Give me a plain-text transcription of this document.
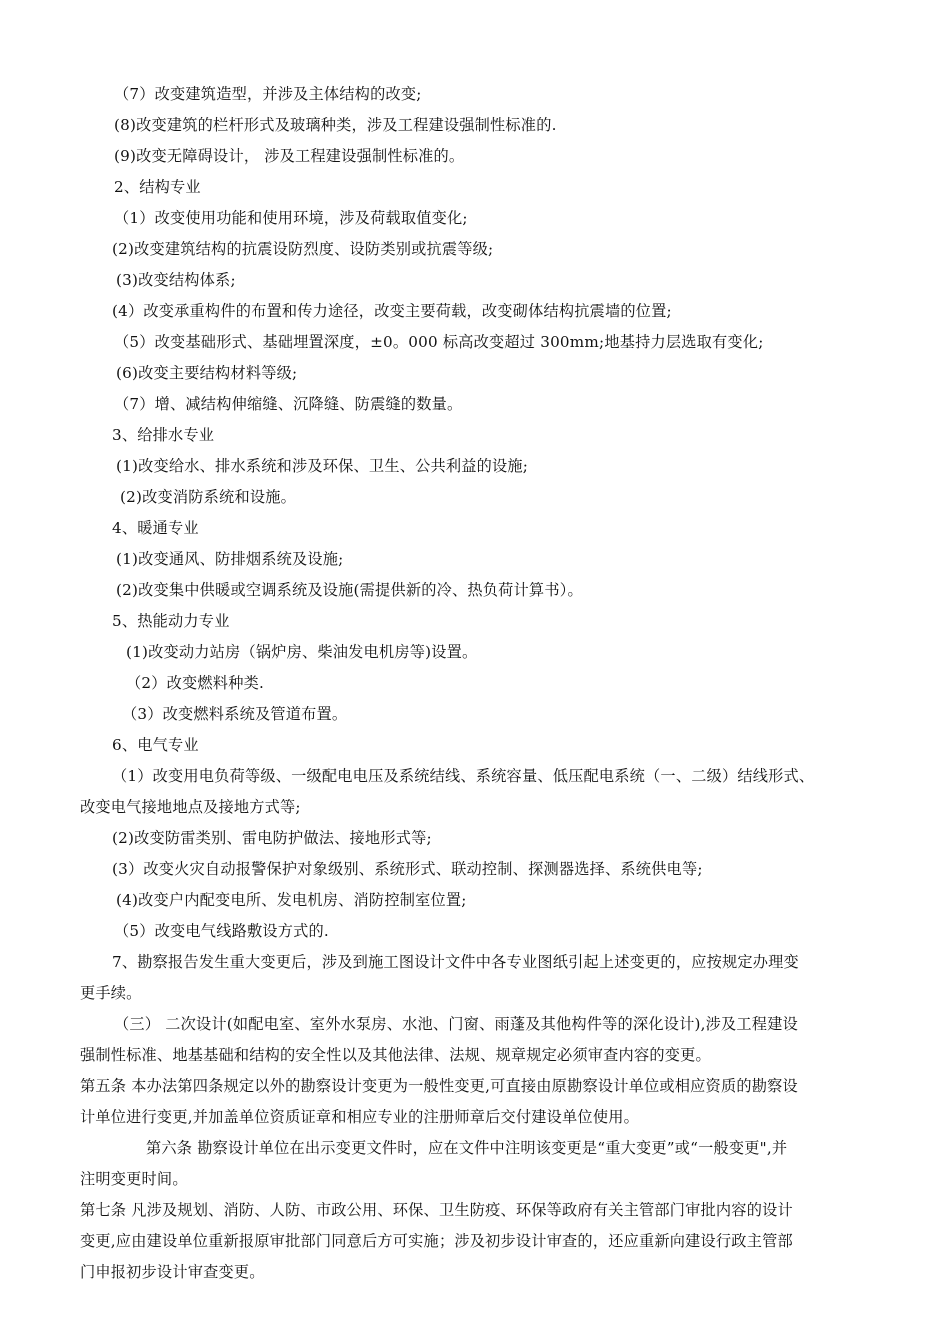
（7）改变建筑造型，并涉及主体结构的改变;
(8)改变建筑的栏杆形式及玻璃种类，涉及工程建设强制性标准的.
(9)改变无障碍设计， 涉及工程建设强制性标准的。
2、结构专业
（1）改变使用功能和使用环境，涉及荷载取值变化;
(2)改变建筑结构的抗震设防烈度、设防类别或抗震等级;
(3)改变结构体系;
(4）改变承重构件的布置和传力途径，改变主要荷载，改变砌体结构抗震墙的位置;
（5）改变基础形式、基础埋置深度，±0。000 标高改变超过 300mm;地基持力层选取有变化;
(6)改变主要结构材料等级;
（7）增、减结构伸缩缝、沉降缝、防震缝的数量。
3、给排水专业
(1)改变给水、排水系统和涉及环保、卫生、公共利益的设施;
(2)改变消防系统和设施。
4、暖通专业
(1)改变通风、防排烟系统及设施;
(2)改变集中供暖或空调系统及设施(需提供新的冷、热负荷计算书）。
5、热能动力专业
(1)改变动力站房（锅炉房、柴油发电机房等)设置。
（2）改变燃料种类.
（3）改变燃料系统及管道布置。
6、电气专业
（1）改变用电负荷等级、一级配电电压及系统结线、系统容量、低压配电系统（一、二级）结线形式、
改变电气接地地点及接地方式等;
(2)改变防雷类别、雷电防护做法、接地形式等;
(3）改变火灾自动报警保护对象级别、系统形式、联动控制、探测器选择、系统供电等;
(4)改变户内配变电所、发电机房、消防控制室位置;
（5）改变电气线路敷设方式的.
7、勘察报告发生重大变更后，涉及到施工图设计文件中各专业图纸引起上述变更的，应按规定办理变
更手续。
（三） 二次设计(如配电室、室外水泵房、水池、门窗、雨蓬及其他构件等的深化设计),涉及工程建设
强制性标准、地基基础和结构的安全性以及其他法律、法规、规章规定必须审查内容的变更。
第五条 本办法第四条规定以外的勘察设计变更为一般性变更,可直接由原勘察设计单位或相应资质的勘察设
计单位进行变更,并加盖单位资质证章和相应专业的注册师章后交付建设单位使用。
第六条 勘察设计单位在出示变更文件时，应在文件中注明该变更是“重大变更”或“一般变更",并
注明变更时间。
第七条 凡涉及规划、消防、人防、市政公用、环保、卫生防疫、环保等政府有关主管部门审批内容的设计
变更,应由建设单位重新报原审批部门同意后方可实施；涉及初步设计审查的，还应重新向建设行政主管部
门申报初步设计审查变更。
